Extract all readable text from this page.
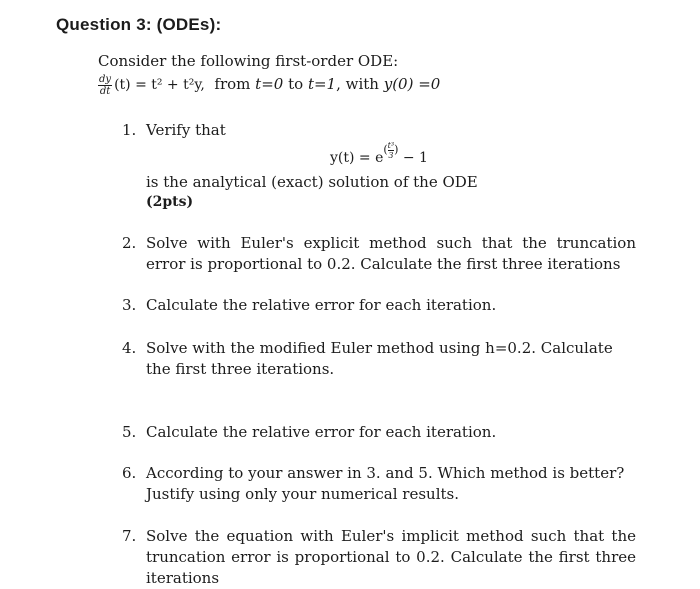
Question 3: (ODEs):
Consider the following first-order ODE:
$\frac{dy}{dt} (t) = t^2 + t^2y$, from t=0 to t=1, with y(0) =0
1. Verify that
$y(t) = e^{( \frac{\text{t³}}{3} )} - 1$
is the analytical (exact) solution of the ODE
(2pts)
2. Solve with Euler's explicit method such that the truncation error is proportional to 0.2. Calculate the first three iterations
3. Calculate the relative error for each iteration.
4. Solve with the modified Euler method using h=0.2. Calculate the first three iterations.
5. Calculate the relative error for each iteration.
6. According to your answer in 3. and 5. Which method is better? Justify using only your numerical results.
7. Solve the equation with Euler's implicit method such that the truncation error is proportional to 0.2. Calculate the first three iterations
